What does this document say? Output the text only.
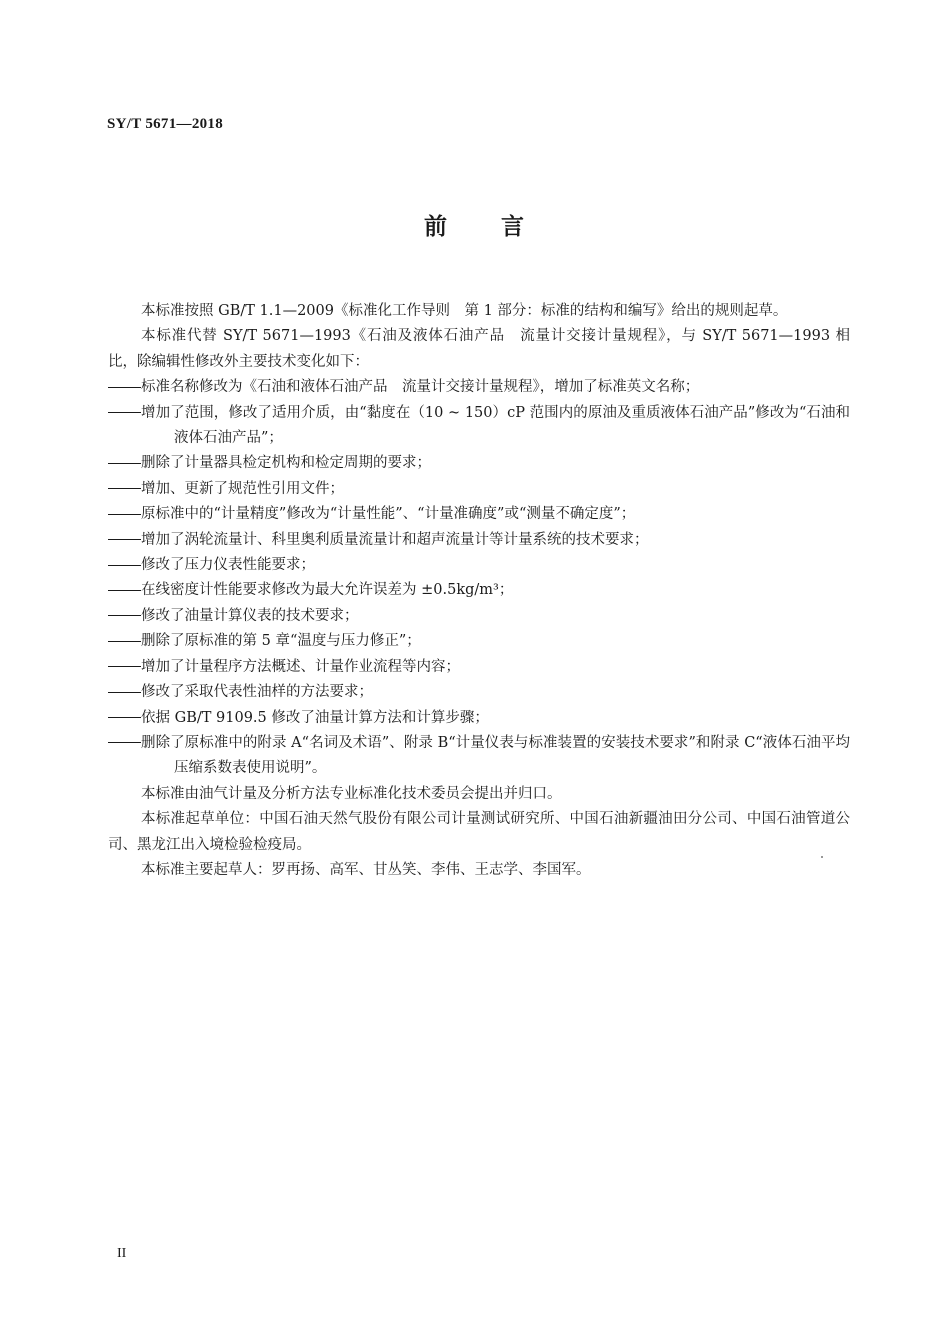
SY/T 5671—2018
前 言

本标准按照 GB/T 1.1—2009《标准化工作导则　第 1 部分：标准的结构和编写》给出的规则起草。

本标准代替 SY/T 5671—1993《石油及液体石油产品　流量计交接计量规程》，与 SY/T 5671—1993 相比，除编辑性修改外主要技术变化如下：

标准名称修改为《石油和液体石油产品　流量计交接计量规程》，增加了标准英文名称；

增加了范围，修改了适用介质，由“黏度在（10 ~ 150）cP 范围内的原油及重质液体石油产品”修改为“石油和液体石油产品”；

删除了计量器具检定机构和检定周期的要求；

增加、更新了规范性引用文件；

原标准中的“计量精度”修改为“计量性能”、“计量准确度”或“测量不确定度”；

增加了涡轮流量计、科里奥利质量流量计和超声流量计等计量系统的技术要求；

修改了压力仪表性能要求；

在线密度计性能要求修改为最大允许误差为 ±0.5kg/m³；

修改了油量计算仪表的技术要求；

删除了原标准的第 5 章“温度与压力修正”；

增加了计量程序方法概述、计量作业流程等内容；

修改了采取代表性油样的方法要求；

依据 GB/T 9109.5 修改了油量计算方法和计算步骤；

删除了原标准中的附录 A“名词及术语”、附录 B“计量仪表与标准装置的安装技术要求”和附录 C“液体石油平均压缩系数表使用说明”。

本标准由油气计量及分析方法专业标准化技术委员会提出并归口。

本标准起草单位：中国石油天然气股份有限公司计量测试研究所、中国石油新疆油田分公司、中国石油管道公司、黑龙江出入境检验检疫局。

本标准主要起草人：罗再扬、高军、甘丛笑、李伟、王志学、李国军。

II
